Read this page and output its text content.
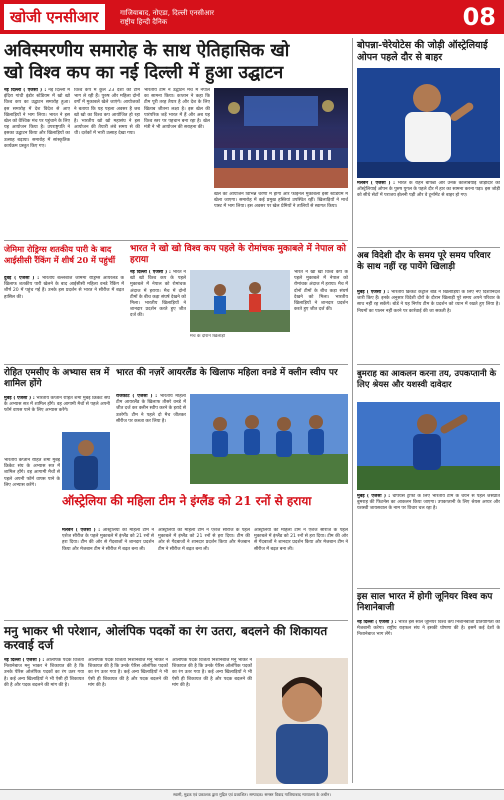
खोजी एनसीआर	गाजियाबाद, नोएडा, दिल्ली एनसीआर
राष्ट्रीय हिन्दी दैनिक	08
अविस्मरणीय समारोह के साथ ऐतिहासिक खो
खो विश्व कप का नई दिल्ली में हुआ उद्घाटन
नई दिल्ली ( एजेंसी ) : नई दिल्ली में इंदिरा गांधी इंडोर स्टेडियम में खो खो विश्व कप का उद्घाटन समारोह हुआ। इस समारोह में देश विदेश से आए खिलाड़ियों ने भाग लिया। भारत ने इस खेल को वैश्विक मंच पर पहुंचाने के लिए यह आयोजन किया है। उपराष्ट्रपति ने इसका उद्घाटन किया और खिलाड़ियों का उत्साह बढ़ाया। समारोह में सांस्कृतिक कार्यक्रम प्रस्तुत किए गए।
विश्व कप में कुल 23 देशों की टीमें भाग ले रही हैं। पुरुष और महिला दोनों वर्गों में मुकाबले खेले जाएंगे। आयोजकों ने बताया कि यह पहला अवसर है जब खो खो का विश्व कप आयोजित हो रहा है। भारतीय खो खो महासंघ ने इस आयोजन की तैयारी लंबे समय से की थी। दर्शकों में भारी उत्साह देखा गया।
भारतीय टीम ने उद्घाटन मैच में नेपाल का सामना किया। कप्तान ने कहा कि टीम पूरी तरह तैयार है और देश के लिए खिताब जीतना लक्ष्य है। इस खेल की पारंपरिक जड़ें भारत में हैं और अब यह विश्व स्तर पर पहचान बना रहा है। खेल मंत्री ने भी आयोजन की सराहना की।
खेल का आयोजन विभिन्न चरणों में होगा और फाइनल मुकाबला इसी स्टेडियम में खेला जाएगा। समारोह में कई प्रमुख हस्तियां उपस्थित रहीं। खिलाड़ियों ने मार्च पास्ट में भाग लिया। इस अवसर पर खेल प्रेमियों ने तालियों से स्वागत किया।
बोपन्ना-चेरेयोटेस की जोड़ी ऑस्ट्रेलियाई ओपन पहले दौर से बाहर
मेलबर्न ( एजेंसी ) : भारत के रोहन बोपन्ना और उनके कोलंबियाई जोड़ीदार को ऑस्ट्रेलियाई ओपन के पुरुष युगल के पहले दौर में हार का सामना करना पड़ा। इस जोड़ी को सीधे सेटों में पराजय झेलनी पड़ी और वे टूर्नामेंट से बाहर हो गए।
अब विदेशी दौर के समय पूरे समय परिवार के साथ नहीं रह पायेंगे खिलाड़ी
मुंबई ( एजेंसी ) : भारतीय क्रिकेट कंट्रोल बोर्ड ने खिलाड़ियों के लिए नए दिशानिर्देश जारी किए हैं। इनके अनुसार विदेशी दौरों के दौरान खिलाड़ी पूरे समय अपने परिवार के साथ नहीं रह सकेंगे। बोर्ड ने यह निर्णय टीम के प्रदर्शन को ध्यान में रखते हुए लिया है। नियमों का पालन नहीं करने पर कार्रवाई की जा सकती है।
जेमिमा रोड्रिग्स शतकीय पारी के बाद आईसीसी रैंकिंग में शीर्ष 20 में पहुंचीं
दुबई ( एजेंसी ) : भारतीय बल्लेबाज जेमिमा रोड्रिग्स आयरलैंड के खिलाफ शतकीय पारी खेलने के बाद आईसीसी महिला वनडे रैंकिंग में शीर्ष 20 में पहुंच गई हैं। उनके इस प्रदर्शन से भारत ने सीरीज में बढ़त हासिल की।
भारत ने खो खो विश्व कप पहले के रोमांचक मुकाबले में नेपाल को हराया
नई दिल्ली ( एजेंसी ) : भारत ने खो खो विश्व कप के पहले मुकाबले में नेपाल को रोमांचक अंदाज में हराया। मैच में दोनों टीमों के बीच कड़ा संघर्ष देखने को मिला। भारतीय खिलाड़ियों ने शानदार प्रदर्शन करते हुए जीत दर्ज की।
मैच के दौरान खिलाड़ी
भारत ने खो खो विश्व कप के पहले मुकाबले में नेपाल को रोमांचक अंदाज में हराया। मैच में दोनों टीमों के बीच कड़ा संघर्ष देखने को मिला। भारतीय खिलाड़ियों ने शानदार प्रदर्शन करते हुए जीत दर्ज की।
रोहित एमसीए के अभ्यास सत्र में शामिल होंगे
मुंबई ( एजेंसी ) : भारतीय कप्तान रोहित शर्मा मुंबई क्रिकेट संघ के अभ्यास सत्र में शामिल होंगे। वह आगामी मैचों से पहले अपनी फॉर्म वापस पाने के लिए अभ्यास करेंगे।
भारतीय कप्तान रोहित शर्मा मुंबई क्रिकेट संघ के अभ्यास सत्र में शामिल होंगे। वह आगामी मैचों से पहले अपनी फॉर्म वापस पाने के लिए अभ्यास करेंगे।
भारत की नज़रें आयरलैंड के खिलाफ महिला वनडे में क्लीन स्वीप पर
राजकोट ( एजेंसी ) : भारतीय महिला टीम आयरलैंड के खिलाफ तीसरे वनडे में जीत दर्ज कर क्लीन स्वीप करने के इरादे से उतरेगी। टीम ने पहले दो मैच जीतकर सीरीज पर कब्जा कर लिया है।
बुमराह का आकलन करना तय, उपकप्तानी के लिए श्रेयस और यशस्वी दावेदार
मुंबई ( एजेंसी ) : चैंपियंस ट्रॉफी के लिए भारतीय टीम के चयन से पहले जसप्रीत बुमराह की फिटनेस का आकलन किया जाएगा। उपकप्तानी के लिए श्रेयस अय्यर और यशस्वी जायसवाल के नाम पर विचार चल रहा है।
ऑस्ट्रेलिया की महिला टीम ने इंग्लैंड को 21 रनों से हराया
मेलबर्न ( एजेंसी ) : ऑस्ट्रेलिया की महिला टीम ने एशेज सीरीज के पहले मुकाबले में इंग्लैंड को 21 रनों से हरा दिया। टीम की ओर से गेंदबाजों ने शानदार प्रदर्शन किया और मेजबान टीम ने सीरीज में बढ़त बना ली।
ऑस्ट्रेलिया की महिला टीम ने एशेज सीरीज के पहले मुकाबले में इंग्लैंड को 21 रनों से हरा दिया। टीम की ओर से गेंदबाजों ने शानदार प्रदर्शन किया और मेजबान टीम ने सीरीज में बढ़त बना ली।
ऑस्ट्रेलिया की महिला टीम ने एशेज सीरीज के पहले मुकाबले में इंग्लैंड को 21 रनों से हरा दिया। टीम की ओर से गेंदबाजों ने शानदार प्रदर्शन किया और मेजबान टीम ने सीरीज में बढ़त बना ली।
इस साल भारत में होगी जूनियर विश्व कप निशानेबाजी
नई दिल्ली ( एजेंसी ) : भारत इस साल जूनियर विश्व कप निशानेबाजी प्रतियोगिता की मेजबानी करेगा। राष्ट्रीय राइफल संघ ने इसकी घोषणा की है। इसमें कई देशों के निशानेबाज भाग लेंगे।
मनु भाकर भी परेशान, ओलंपिक पदकों का रंग उतरा, बदलने की शिकायत करवाई दर्ज
नई दिल्ली ( एजेंसी ) : ओलंपिक पदक विजेता निशानेबाज मनु भाकर ने शिकायत की है कि उनके पेरिस ओलंपिक पदकों का रंग उतर गया है। कई अन्य खिलाड़ियों ने भी ऐसी ही शिकायत की है और पदक बदलने की मांग की है।
ओलंपिक पदक विजेता निशानेबाज मनु भाकर ने शिकायत की है कि उनके पेरिस ओलंपिक पदकों का रंग उतर गया है। कई अन्य खिलाड़ियों ने भी ऐसी ही शिकायत की है और पदक बदलने की मांग की है।
ओलंपिक पदक विजेता निशानेबाज मनु भाकर ने शिकायत की है कि उनके पेरिस ओलंपिक पदकों का रंग उतर गया है। कई अन्य खिलाड़ियों ने भी ऐसी ही शिकायत की है और पदक बदलने की मांग की है।
स्वामी, मुद्रक एवं प्रकाशक द्वारा मुद्रित एवं प्रकाशित। सम्पादक। समस्त विवाद गाजियाबाद न्यायालय के अधीन।
